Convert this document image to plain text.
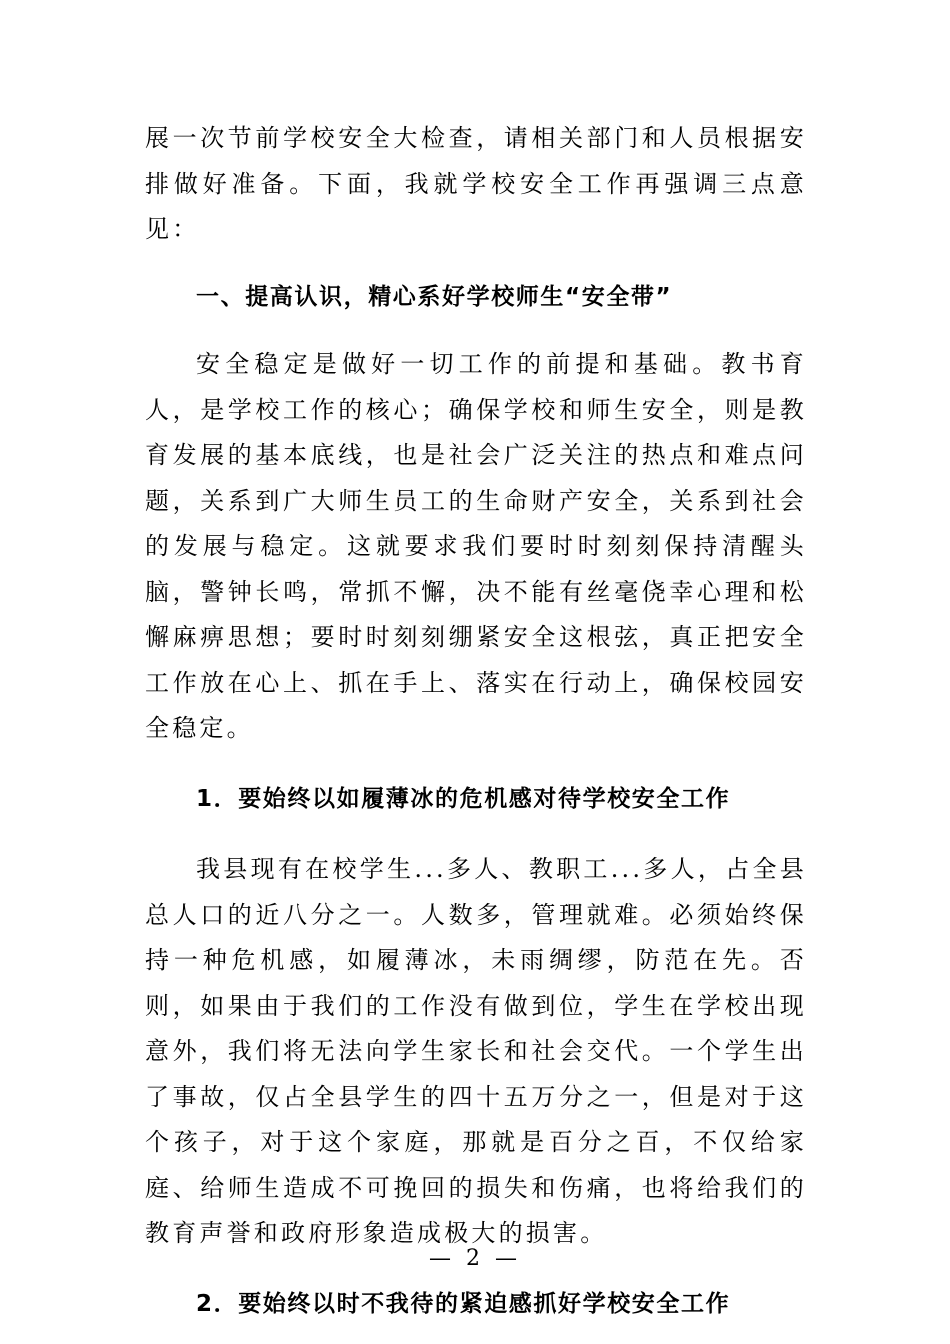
展一次节前学校安全大检查，请相关部门和人员根据安排做好准备。下面，我就学校安全工作再强调三点意见：

一、提高认识，精心系好学校师生“安全带”

安全稳定是做好一切工作的前提和基础。教书育人，是学校工作的核心；确保学校和师生安全，则是教育发展的基本底线，也是社会广泛关注的热点和难点问题，关系到广大师生员工的生命财产安全，关系到社会的发展与稳定。这就要求我们要时时刻刻保持清醒头脑，警钟长鸣，常抓不懈，决不能有丝毫侥幸心理和松懈麻痹思想；要时时刻刻绷紧安全这根弦，真正把安全工作放在心上、抓在手上、落实在行动上，确保校园安全稳定。

1．要始终以如履薄冰的危机感对待学校安全工作

我县现有在校学生...多人、教职工...多人，占全县总人口的近八分之一。人数多，管理就难。必须始终保持一种危机感，如履薄冰，未雨绸缪，防范在先。否则，如果由于我们的工作没有做到位，学生在学校出现意外，我们将无法向学生家长和社会交代。一个学生出了事故，仅占全县学生的四十五万分之一，但是对于这个孩子，对于这个家庭，那就是百分之百，不仅给家庭、给师生造成不可挽回的损失和伤痛，也将给我们的教育声誉和政府形象造成极大的损害。

2．要始终以时不我待的紧迫感抓好学校安全工作

— 2 —
